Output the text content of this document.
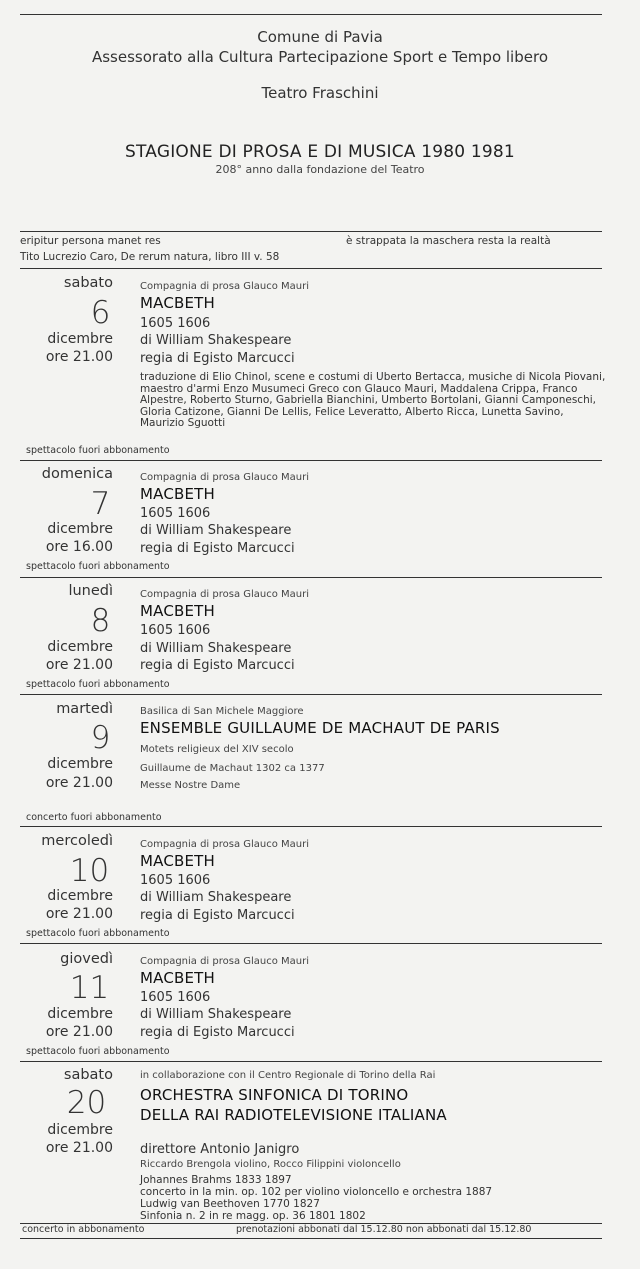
Comune di Pavia
Assessorato alla Cultura Partecipazione Sport e Tempo libero
Teatro Fraschini
STAGIONE DI PROSA E DI MUSICA 1980 1981
208° anno dalla fondazione del Teatro
eripitur persona manet res	è strappata la maschera resta la realtà
Tito Lucrezio Caro, De rerum natura, libro III v. 58
sabato
6
dicembre
ore 21.00
Compagnia di prosa Glauco Mauri
MACBETH
1605 1606
di William Shakespeare
regia di Egisto Marcucci
traduzione di Elio Chinol, scene e costumi di Uberto Bertacca, musiche di Nicola Piovani, maestro d'armi Enzo Musumeci Greco con Glauco Mauri, Maddalena Crippa, Franco Alpestre, Roberto Sturno, Gabriella Bianchini, Umberto Bortolani, Gianni Camponeschi, Gloria Catizone, Gianni De Lellis, Felice Leveratto, Alberto Ricca, Lunetta Savino, Maurizio Sguotti
spettacolo fuori abbonamento
domenica
7
dicembre
ore 16.00
Compagnia di prosa Glauco Mauri
MACBETH
1605 1606
di William Shakespeare
regia di Egisto Marcucci
spettacolo fuori abbonamento
lunedì
8
dicembre
ore 21.00
Compagnia di prosa Glauco Mauri
MACBETH
1605 1606
di William Shakespeare
regia di Egisto Marcucci
spettacolo fuori abbonamento
martedì
9
dicembre
ore 21.00
Basilica di San Michele Maggiore
ENSEMBLE GUILLAUME DE MACHAUT DE PARIS
Motets religieux del XIV secolo
Guillaume de Machaut 1302 ca 1377
Messe Nostre Dame
concerto fuori abbonamento
mercoledì
10
dicembre
ore 21.00
Compagnia di prosa Glauco Mauri
MACBETH
1605 1606
di William Shakespeare
regia di Egisto Marcucci
spettacolo fuori abbonamento
giovedì
11
dicembre
ore 21.00
Compagnia di prosa Glauco Mauri
MACBETH
1605 1606
di William Shakespeare
regia di Egisto Marcucci
spettacolo fuori abbonamento
sabato
20
dicembre
ore 21.00
in collaborazione con il Centro Regionale di Torino della Rai
ORCHESTRA SINFONICA DI TORINO
DELLA RAI RADIOTELEVISIONE ITALIANA
direttore Antonio Janigro
Riccardo Brengola violino, Rocco Filippini violoncello
Johannes Brahms 1833 1897
concerto in la min. op. 102 per violino violoncello e orchestra 1887
Ludwig van Beethoven 1770 1827
Sinfonia n. 2 in re magg. op. 36 1801 1802
concerto in abbonamento	prenotazioni abbonati dal 15.12.80 non abbonati dal 15.12.80
